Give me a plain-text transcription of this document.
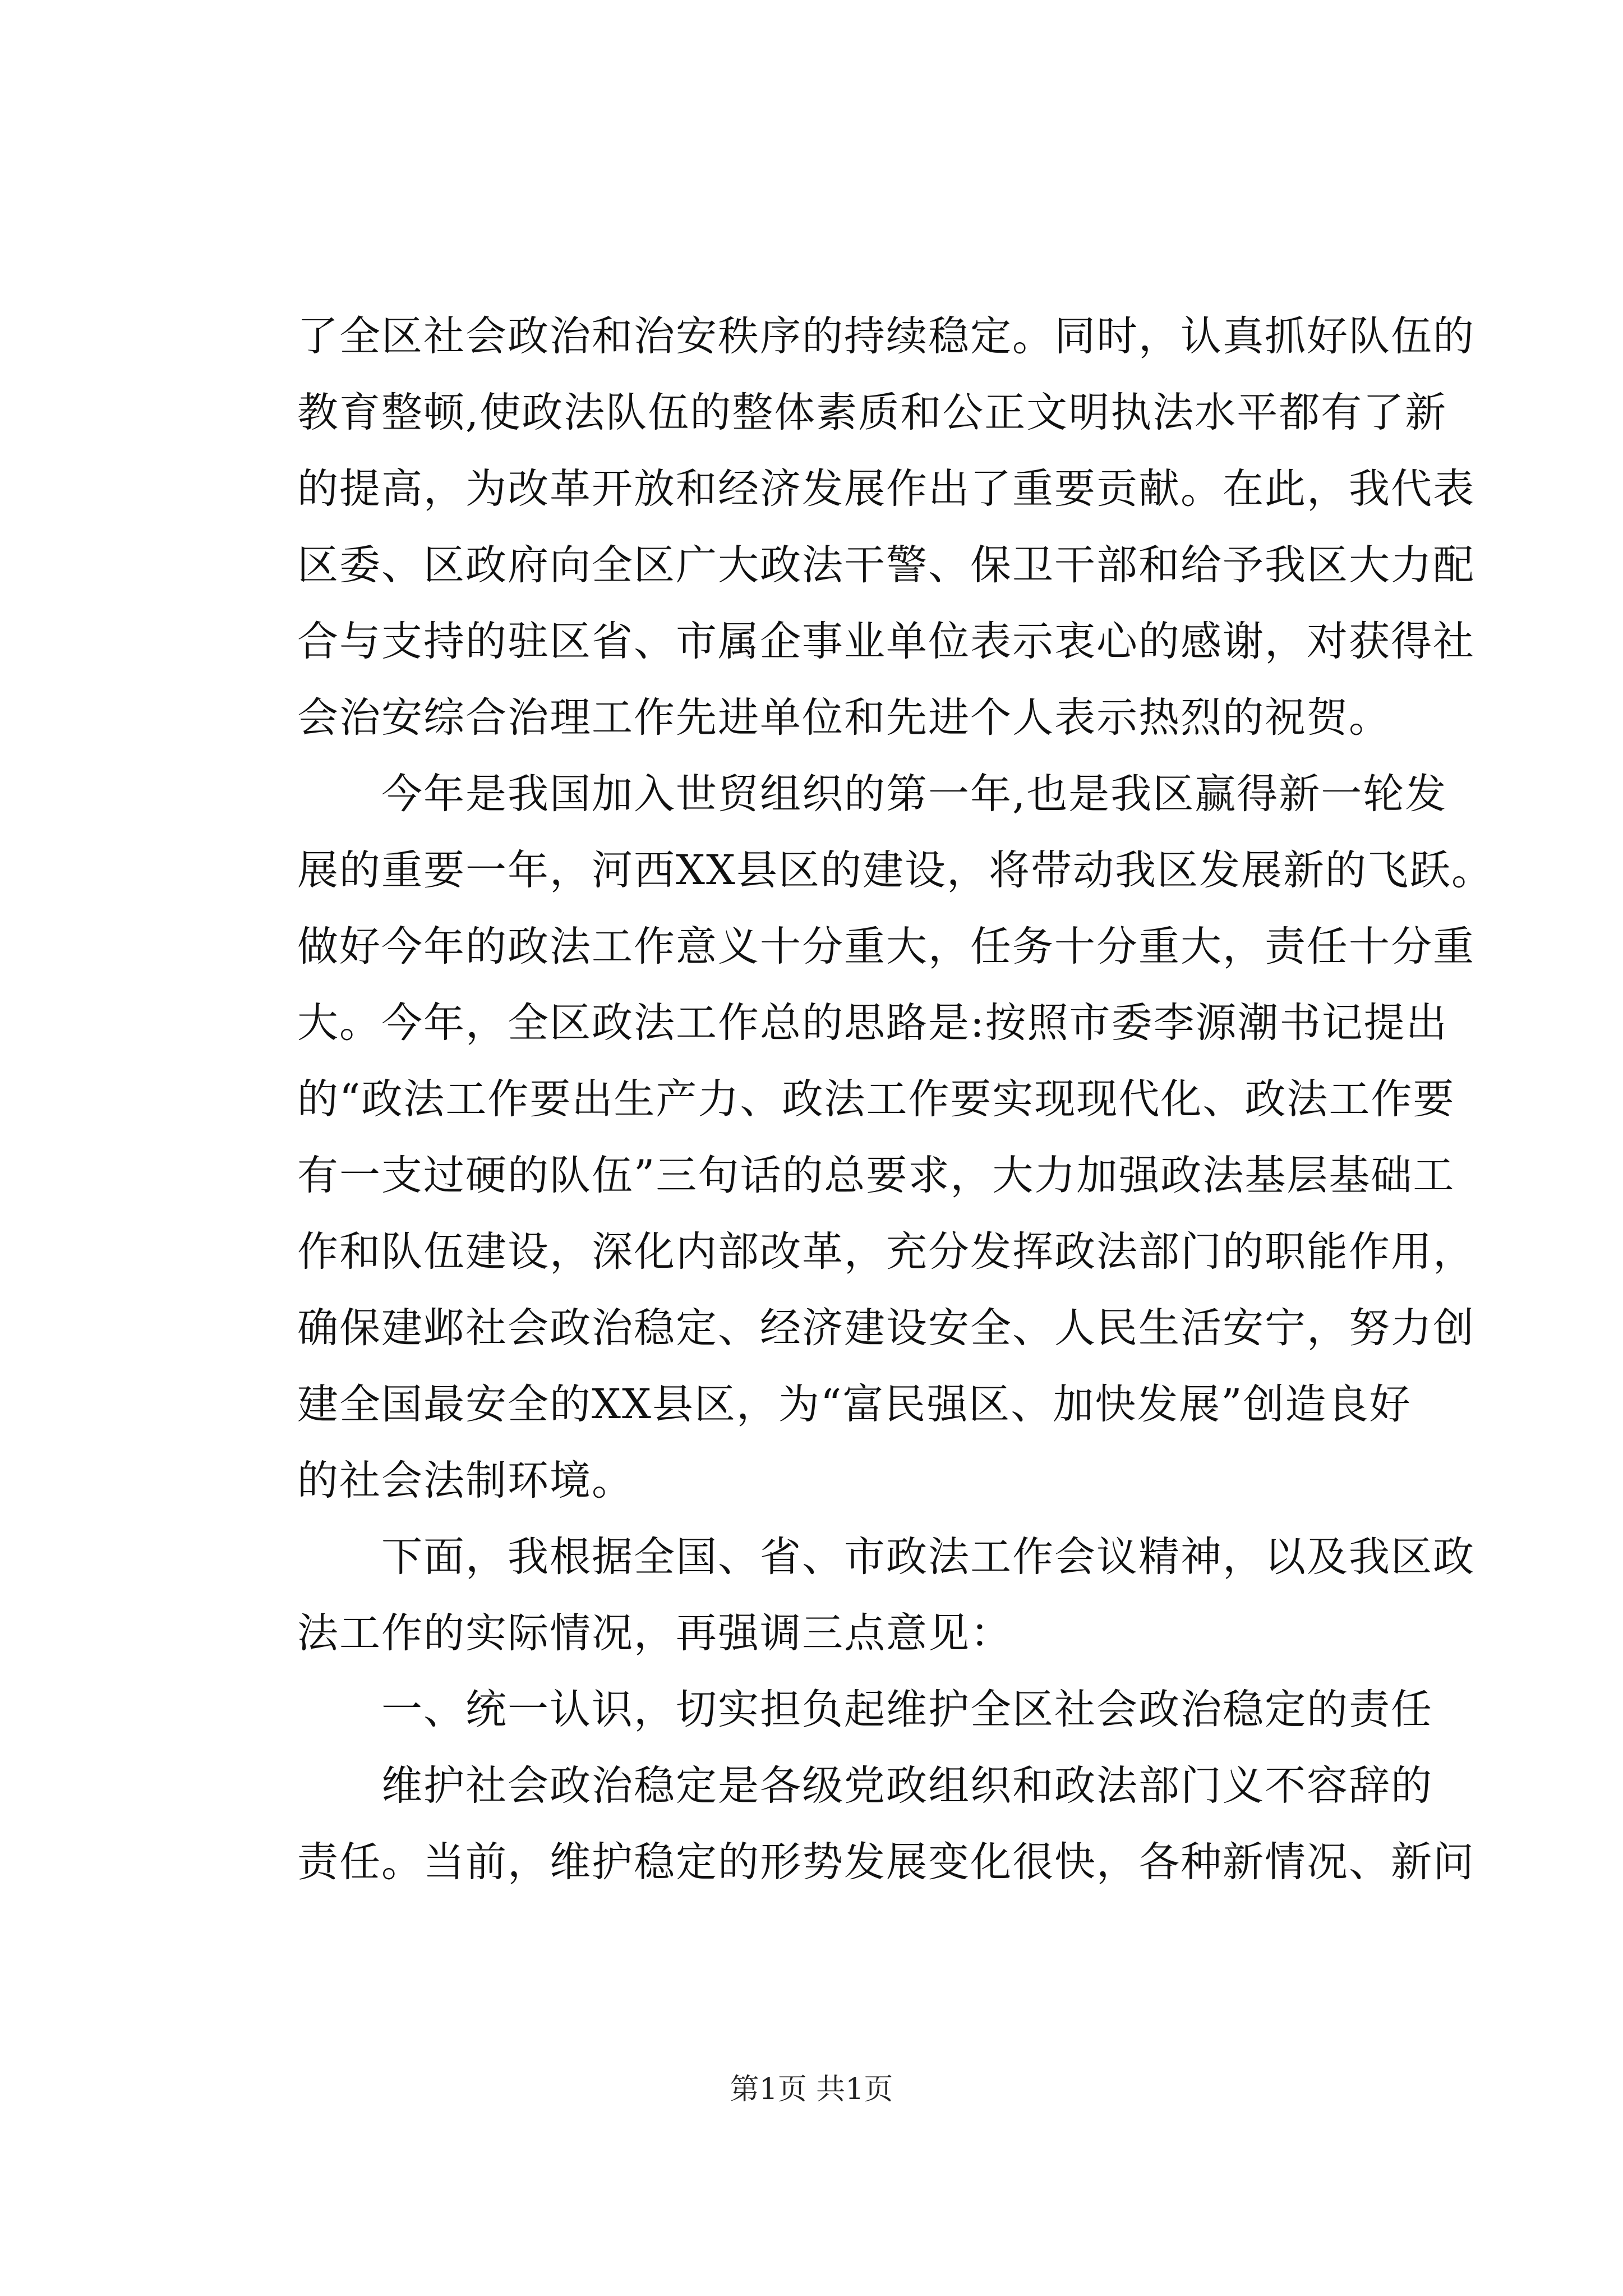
了全区社会政治和治安秩序的持续稳定。同时，认真抓好队伍的
教育整顿,使政法队伍的整体素质和公正文明执法水平都有了新
的提高，为改革开放和经济发展作出了重要贡献。在此，我代表
区委、区政府向全区广大政法干警、保卫干部和给予我区大力配
合与支持的驻区省、市属企事业单位表示衷心的感谢，对获得社
会治安综合治理工作先进单位和先进个人表示热烈的祝贺。
今年是我国加入世贸组织的第一年,也是我区赢得新一轮发
展的重要一年，河西XX县区的建设，将带动我区发展新的飞跃。
做好今年的政法工作意义十分重大，任务十分重大，责任十分重
大。今年，全区政法工作总的思路是:按照市委李源潮书记提出
的“政法工作要出生产力、政法工作要实现现代化、政法工作要
有一支过硬的队伍”三句话的总要求，大力加强政法基层基础工
作和队伍建设，深化内部改革，充分发挥政法部门的职能作用，
确保建邺社会政治稳定、经济建设安全、人民生活安宁，努力创
建全国最安全的XX县区，为“富民强区、加快发展”创造良好
的社会法制环境。
下面，我根据全国、省、市政法工作会议精神，以及我区政
法工作的实际情况，再强调三点意见：
一、统一认识，切实担负起维护全区社会政治稳定的责任
维护社会政治稳定是各级党政组织和政法部门义不容辞的
责任。当前，维护稳定的形势发展变化很快，各种新情况、新问
第1页 共1页
